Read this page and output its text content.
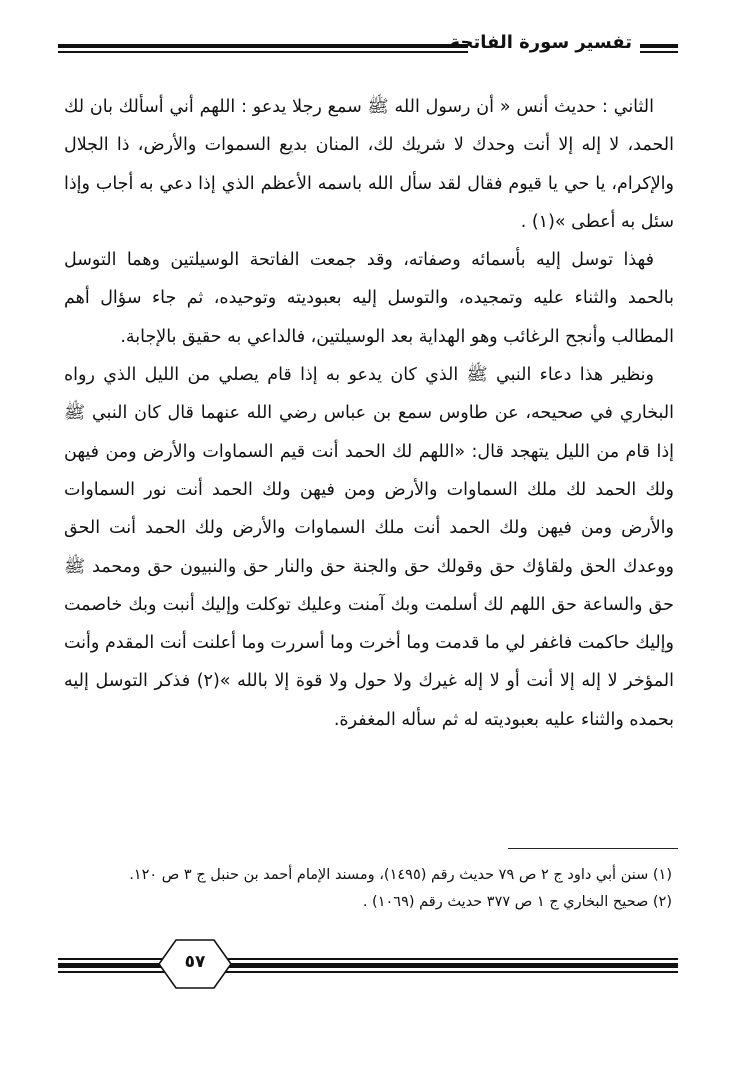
تفسير سورة الفاتحة

الثاني : حديث أنس « أن رسول الله ﷺ سمع رجلا يدعو : اللهم أني أسألك بان لك الحمد، لا إله إلا أنت وحدك لا شريك لك، المنان بديع السموات والأرض، ذا الجلال والإكرام، يا حي يا قيوم فقال لقد سأل الله باسمه الأعظم الذي إذا دعي به أجاب وإذا سئل به أعطى »(١) .

فهذا توسل إليه بأسمائه وصفاته، وقد جمعت الفاتحة الوسيلتين وهما التوسل بالحمد والثناء عليه وتمجيده، والتوسل إليه بعبوديته وتوحيده، ثم جاء سؤال أهم المطالب وأنجح الرغائب وهو الهداية بعد الوسيلتين، فالداعي به حقيق بالإجابة.

ونظير هذا دعاء النبي ﷺ الذي كان يدعو به إذا قام يصلي من الليل الذي رواه البخاري في صحيحه، عن طاوس سمع بن عباس رضي الله عنهما قال كان النبي ﷺ إذا قام من الليل يتهجد قال: «اللهم لك الحمد أنت قيم السماوات والأرض ومن فيهن ولك الحمد لك ملك السماوات والأرض ومن فيهن ولك الحمد أنت نور السماوات والأرض ومن فيهن ولك الحمد أنت ملك السماوات والأرض ولك الحمد أنت الحق ووعدك الحق ولقاؤك حق وقولك حق والجنة حق والنار حق والنبيون حق ومحمد ﷺ حق والساعة حق اللهم لك أسلمت وبك آمنت وعليك توكلت وإليك أنبت وبك خاصمت وإليك حاكمت فاغفر لي ما قدمت وما أخرت وما أسررت وما أعلنت أنت المقدم وأنت المؤخر لا إله إلا أنت أو لا إله غيرك ولا حول ولا قوة إلا بالله »(٢) فذكر التوسل إليه بحمده والثناء عليه بعبوديته له ثم سأله المغفرة.

(١) سنن أبي داود ج ٢ ص ٧٩ حديث رقم (١٤٩٥)، ومسند الإمام أحمد بن حنبل ج ٣ ص ١٢٠.

(٢) صحيح البخاري ج ١ ص ٣٧٧ حديث رقم (١٠٦٩) .

٥٧
